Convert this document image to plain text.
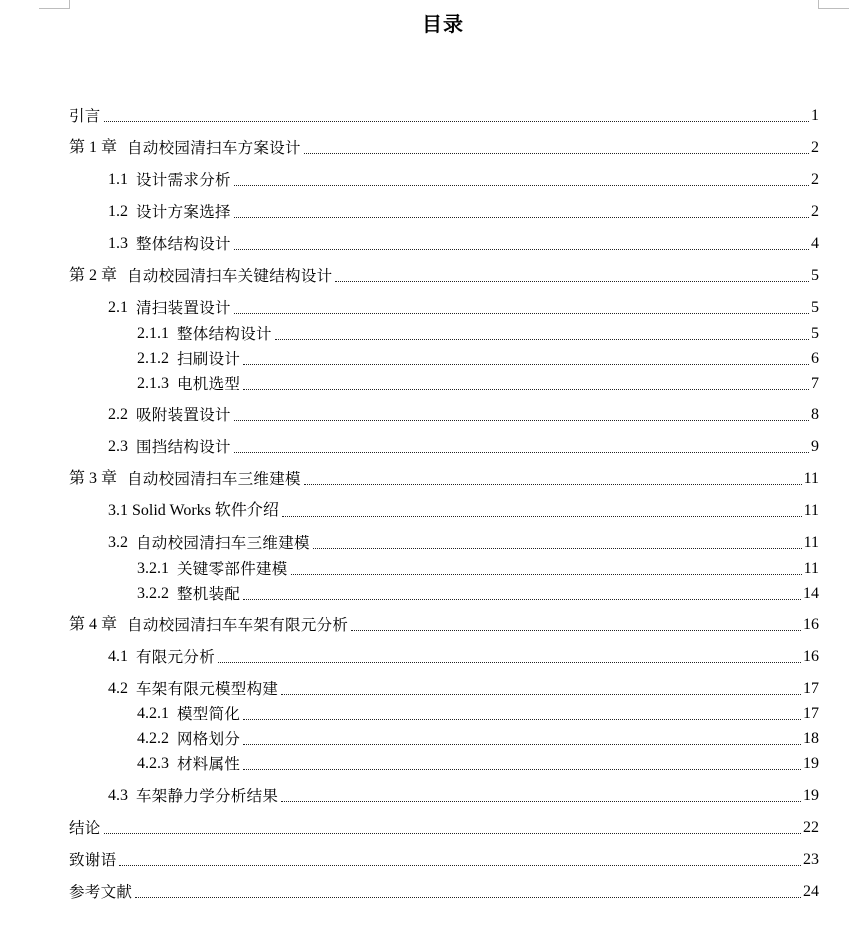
目录
引言	1
第 1 章 自动校园清扫车方案设计	2
1.1 设计需求分析	2
1.2 设计方案选择	2
1.3 整体结构设计	4
第 2 章 自动校园清扫车关键结构设计	5
2.1 清扫装置设计	5
2.1.1 整体结构设计	5
2.1.2 扫刷设计	6
2.1.3 电机选型	7
2.2 吸附装置设计	8
2.3 围挡结构设计	9
第 3 章 自动校园清扫车三维建模	11
3.1 Solid Works 软件介绍	11
3.2 自动校园清扫车三维建模	11
3.2.1 关键零部件建模	11
3.2.2 整机装配	14
第 4 章 自动校园清扫车车架有限元分析	16
4.1 有限元分析	16
4.2 车架有限元模型构建	17
4.2.1 模型简化	17
4.2.2 网格划分	18
4.2.3 材料属性	19
4.3 车架静力学分析结果	19
结论	22
致谢语	23
参考文献	24
